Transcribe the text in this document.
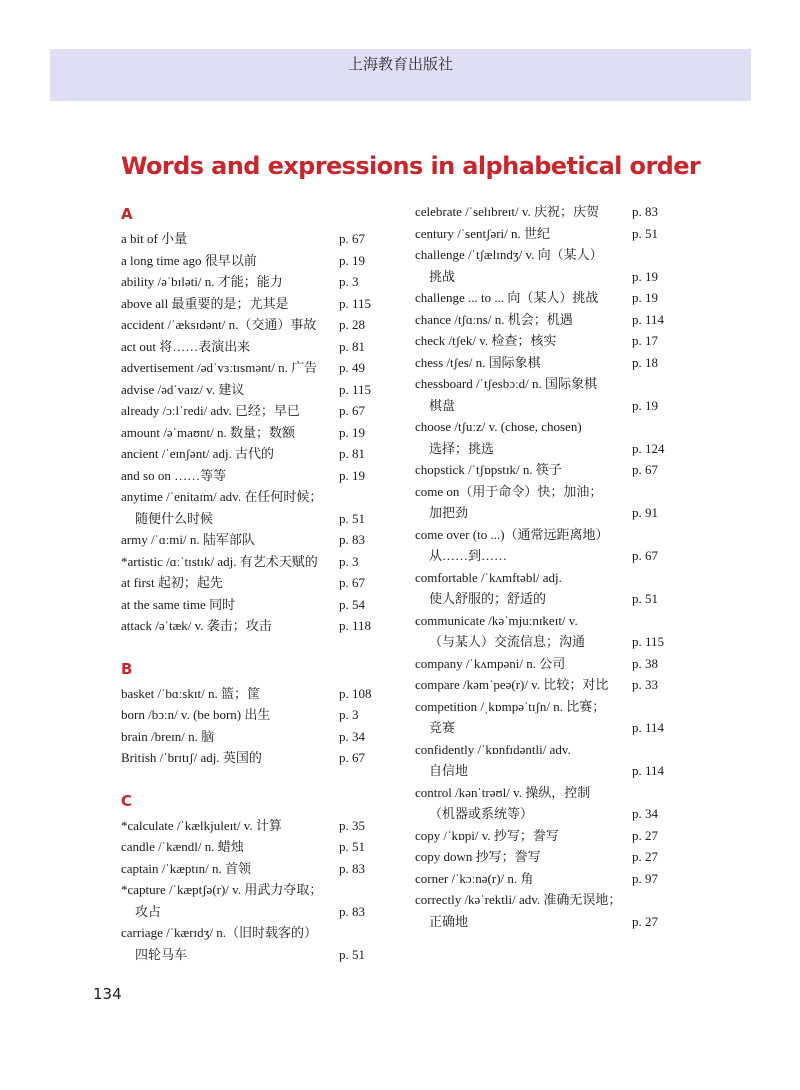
上海教育出版社
Words and expressions in alphabetical order
A
a bit of 小量	p. 67
a long time ago 很早以前	p. 19
ability /əˈbɪləti/ n. 才能；能力	p. 3
above all 最重要的是；尤其是	p. 115
accident /ˈæksɪdənt/ n.（交通）事故	p. 28
act out 将……表演出来	p. 81
advertisement /ədˈvɜːtɪsmənt/ n. 广告	p. 49
advise /ədˈvaɪz/ v. 建议	p. 115
already /ɔːlˈredi/ adv. 已经；早已	p. 67
amount /əˈmaʊnt/ n. 数量；数额	p. 19
ancient /ˈeɪnʃənt/ adj. 古代的	p. 81
and so on ……等等	p. 19
anytime /ˈenitaɪm/ adv. 在任何时候；
随便什么时候	p. 51
army /ˈɑːmi/ n. 陆军部队	p. 83
*artistic /ɑːˈtɪstɪk/ adj. 有艺术天赋的	p. 3
at first 起初；起先	p. 67
at the same time 同时	p. 54
attack /əˈtæk/ v. 袭击；攻击	p. 118
B
basket /ˈbɑːskɪt/ n. 篮；筐	p. 108
born /bɔːn/ v. (be born) 出生	p. 3
brain /breɪn/ n. 脑	p. 34
British /ˈbrɪtɪʃ/ adj. 英国的	p. 67
C
*calculate /ˈkælkjuleɪt/ v. 计算	p. 35
candle /ˈkændl/ n. 蜡烛	p. 51
captain /ˈkæptɪn/ n. 首领	p. 83
*capture /ˈkæptʃə(r)/ v. 用武力夺取；
攻占	p. 83
carriage /ˈkærɪdʒ/ n.（旧时载客的）
四轮马车	p. 51
celebrate /ˈselɪbreɪt/ v. 庆祝；庆贺	p. 83
century /ˈsentʃəri/ n. 世纪	p. 51
challenge /ˈtʃælɪndʒ/ v. 向（某人）
挑战	p. 19
challenge ... to ... 向（某人）挑战	p. 19
chance /tʃɑːns/ n. 机会；机遇	p. 114
check /tʃek/ v. 检查；核实	p. 17
chess /tʃes/ n. 国际象棋	p. 18
chessboard /ˈtʃesbɔːd/ n. 国际象棋
棋盘	p. 19
choose /tʃuːz/ v. (chose, chosen)
选择；挑选	p. 124
chopstick /ˈtʃɒpstɪk/ n. 筷子	p. 67
come on（用于命令）快；加油；
加把劲	p. 91
come over (to ...)（通常远距离地）
从……到……	p. 67
comfortable /ˈkʌmftəbl/ adj.
使人舒服的；舒适的	p. 51
communicate /kəˈmjuːnɪkeɪt/ v.
（与某人）交流信息；沟通	p. 115
company /ˈkʌmpəni/ n. 公司	p. 38
compare /kəmˈpeə(r)/ v. 比较；对比	p. 33
competition /ˌkɒmpəˈtɪʃn/ n. 比赛；
竞赛	p. 114
confidently /ˈkɒnfɪdəntli/ adv.
自信地	p. 114
control /kənˈtrəʊl/ v. 操纵，控制
（机器或系统等）	p. 34
copy /ˈkɒpi/ v. 抄写；誊写	p. 27
copy down 抄写；誊写	p. 27
corner /ˈkɔːnə(r)/ n. 角	p. 97
correctly /kəˈrektli/ adv. 准确无误地；
正确地	p. 27
134
